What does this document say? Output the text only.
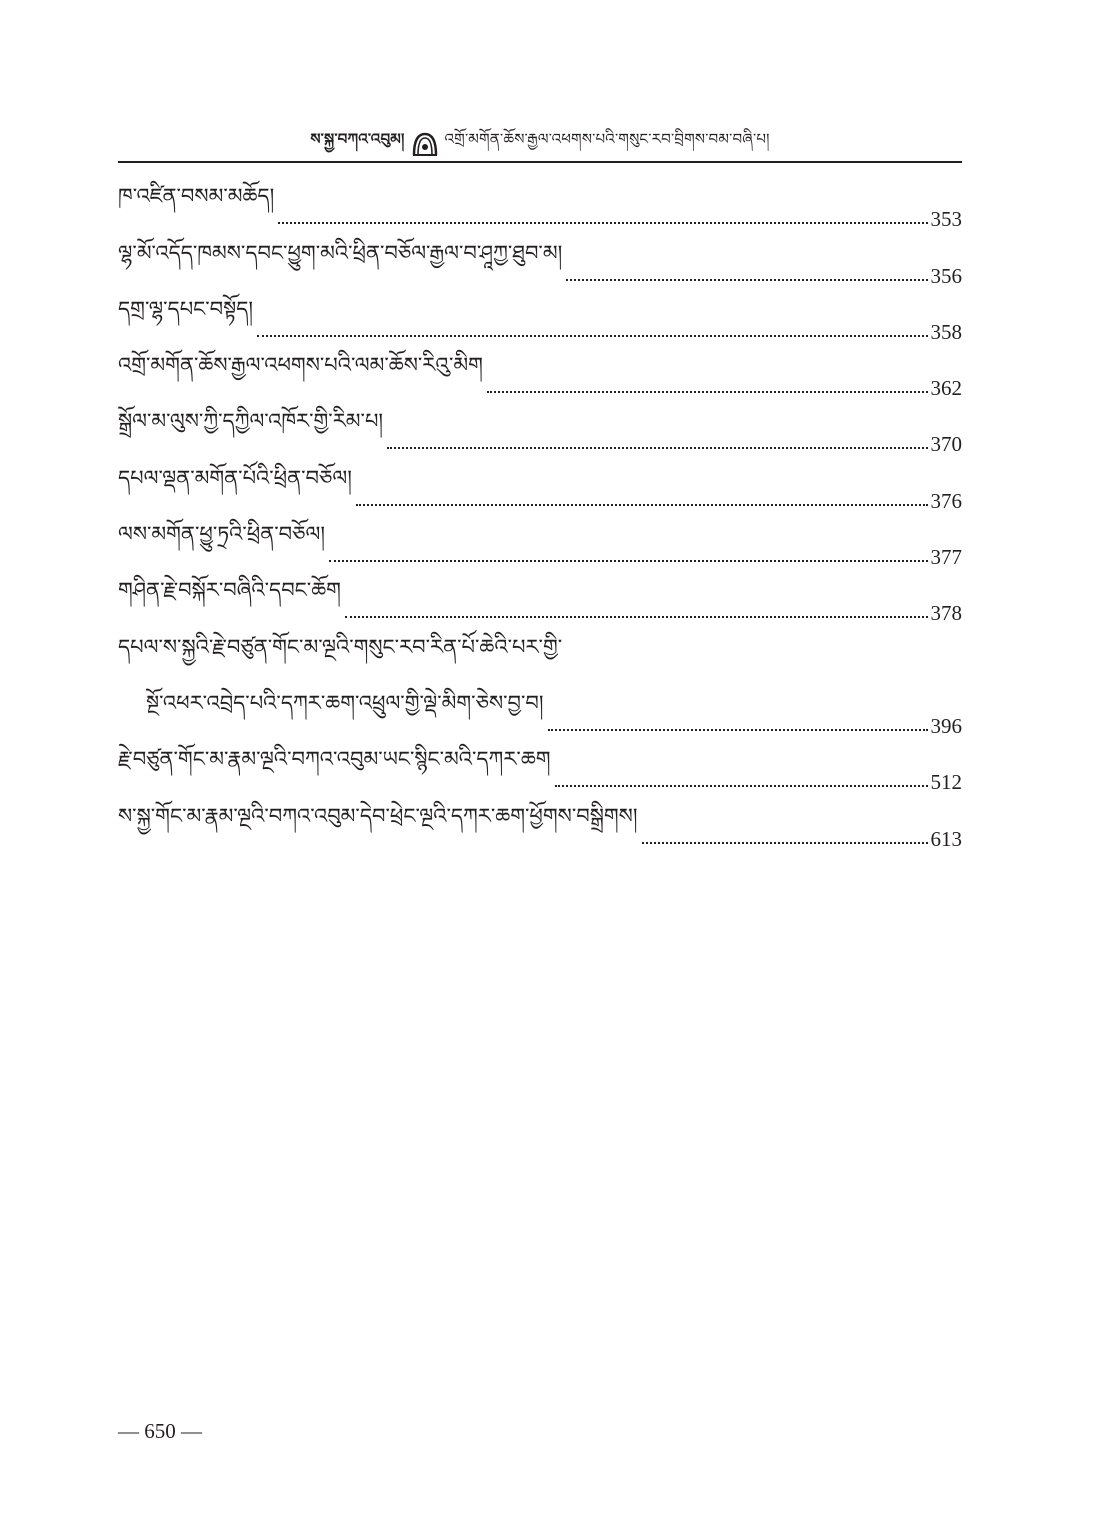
ས་སྐྱ་བཀའ་འབུམ།	འགྲོ་མགོན་ཆོས་རྒྱལ་འཕགས་པའི་གསུང་རབ་བྲིགས་བམ་བཞི་པ།
ཁ་འཛིན་བསམ་མཆོད།
353
ལྷ་མོ་འདོད་ཁམས་དབང་ཕྱུག་མའི་ཕྲིན་བཅོལ་རྒྱལ་བ་ཤཱཀྱ་ཐུབ་མ།
356
དགྲ་ལྷ་དཔང་བསྟོད།
358
འགྲོ་མགོན་ཆོས་རྒྱལ་འཕགས་པའི་ལམ་ཆོས་རིའུ་མིག
362
སྒྲོལ་མ་ལུས་ཀྱི་དཀྱིལ་འཁོར་གྱི་རིམ་པ།
370
དཔལ་ལྡན་མགོན་པོའི་ཕྲིན་བཅོལ།
376
ལས་མགོན་ཕྱུ་ཏྲའི་ཕྲིན་བཅོལ།
377
གཤིན་རྗེ་བསྐོར་བཞིའི་དབང་ཆོག
378
དཔལ་ས་སྐྱའི་རྗེ་བཙུན་གོང་མ་ལྔའི་གསུང་རབ་རིན་པོ་ཆེའི་པར་གྱི་
སྔོ་འཕར་འབྲེད་པའི་དཀར་ཆག་འཕྲུལ་གྱི་ལྡེ་མིག་ཅེས་བྱ་བ།
396
རྗེ་བཙུན་གོང་མ་རྣམ་ལྔའི་བཀའ་འབུམ་ཡང་སྙིང་མའི་དཀར་ཆག
512
ས་སྐྱ་གོང་མ་རྣམ་ལྔའི་བཀའ་འབུམ་དེབ་ཕྲེང་ལྔའི་དཀར་ཆག་ཕྱོགས་བསྒྲིགས།
613
— 650 —
